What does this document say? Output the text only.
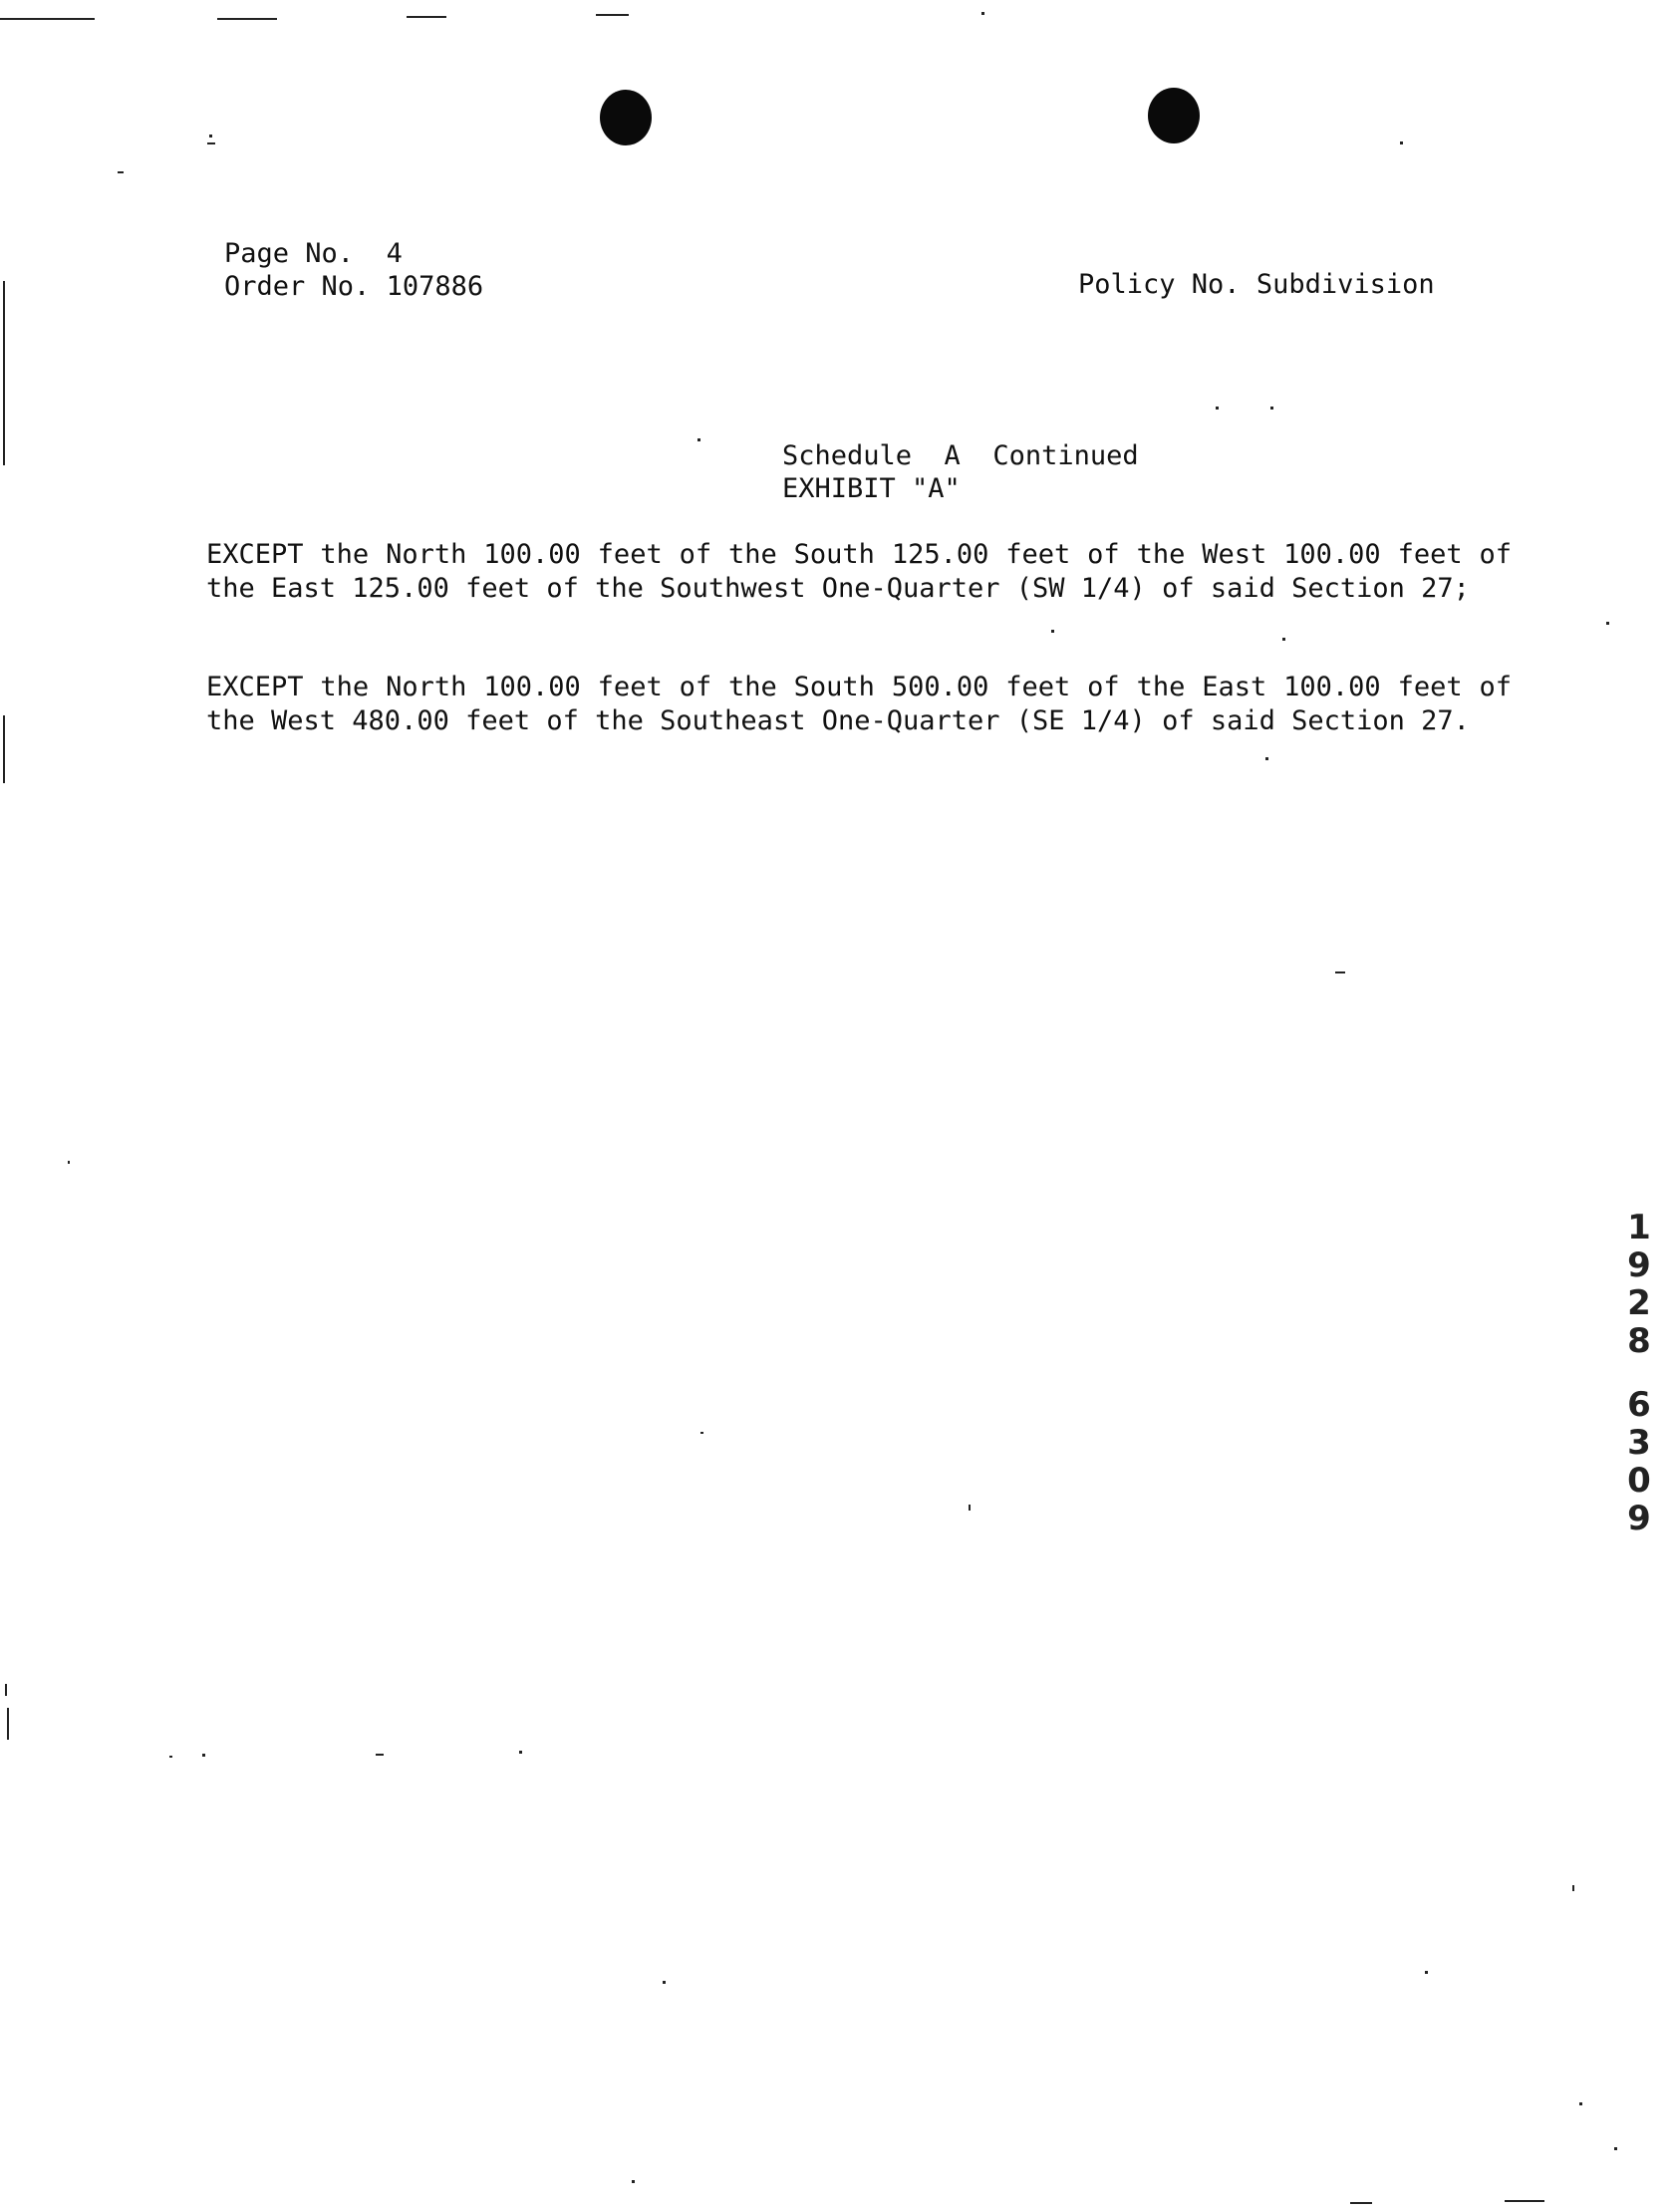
Page No. 4
Order No. 107886	Policy No. Subdivision
Schedule  A  Continued
EXHIBIT "A"
EXCEPT the North 100.00 feet of the South 125.00 feet of the West 100.00 feet of the East 125.00 feet of the Southwest One-Quarter (SW 1/4) of said Section 27;
EXCEPT the North 100.00 feet of the South 500.00 feet of the East 100.00 feet of the West 480.00 feet of the Southeast One-Quarter (SE 1/4) of said Section 27.
1
9
2
8
6
3
0
9
